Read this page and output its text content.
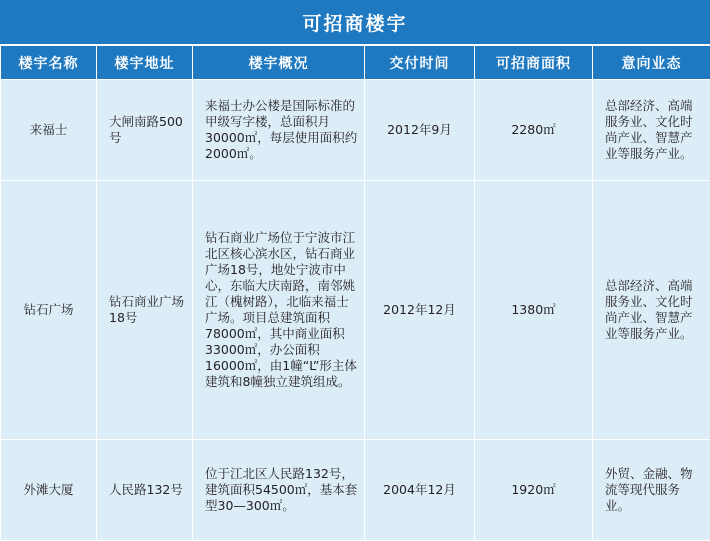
可招商楼宇
楼宇名称	楼宇地址	楼宇概况	交付时间	可招商面积	意向业态
来福士	大闸南路500号	来福士办公楼是国际标准的甲级写字楼，总面积月30000㎡，每层使用面积约2000㎡。	2012年9月	2280㎡	总部经济、高端服务业、文化时尚产业、智慧产业等服务产业。
钻石广场	钻石商业广场18号	钻石商业广场位于宁波市江北区核心滨水区，钻石商业广场18号，地处宁波市中心，东临大庆南路，南邻姚江（槐树路），北临来福士广场。项目总建筑面积78000㎡，其中商业面积33000㎡，办公面积16000㎡，由1幢“L”形主体建筑和8幢独立建筑组成。	2012年12月	1380㎡	总部经济、高端服务业、文化时尚产业、智慧产业等服务产业。
外滩大厦	人民路132号	位于江北区人民路132号，建筑面积54500㎡，基本套型30—300㎡。	2004年12月	1920㎡	外贸、金融、物流等现代服务业。
